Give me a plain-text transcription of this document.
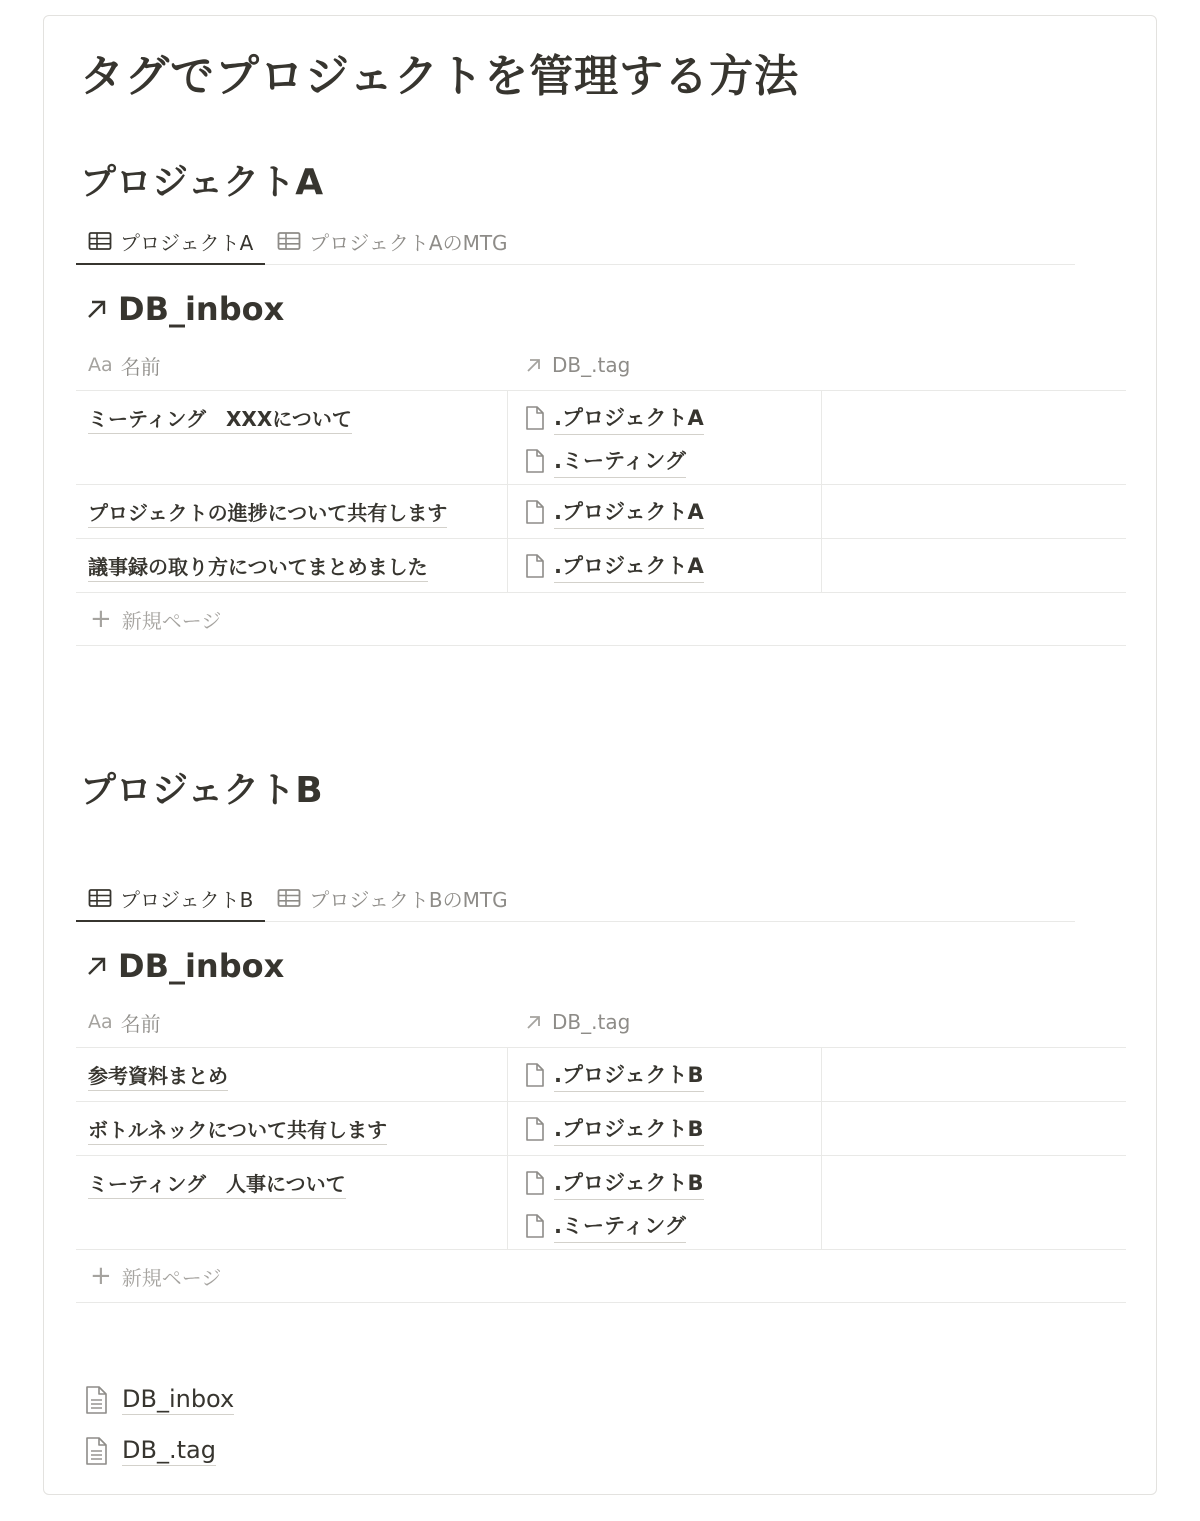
タグでプロジェクトを管理する方法
プロジェクトA
プロジェクトA	プロジェクトAのMTG
DB_inbox
Aa 名前	DB_.tag
ミーティング　XXXについて	.プロジェクトA
.ミーティング
プロジェクトの進捗について共有します	.プロジェクトA
議事録の取り方についてまとめました	.プロジェクトA
+ 新規ページ
プロジェクトB
プロジェクトB	プロジェクトBのMTG
DB_inbox
Aa 名前	DB_.tag
参考資料まとめ	.プロジェクトB
ボトルネックについて共有します	.プロジェクトB
ミーティング　人事について	.プロジェクトB
.ミーティング
+ 新規ページ
DB_inbox
DB_.tag
